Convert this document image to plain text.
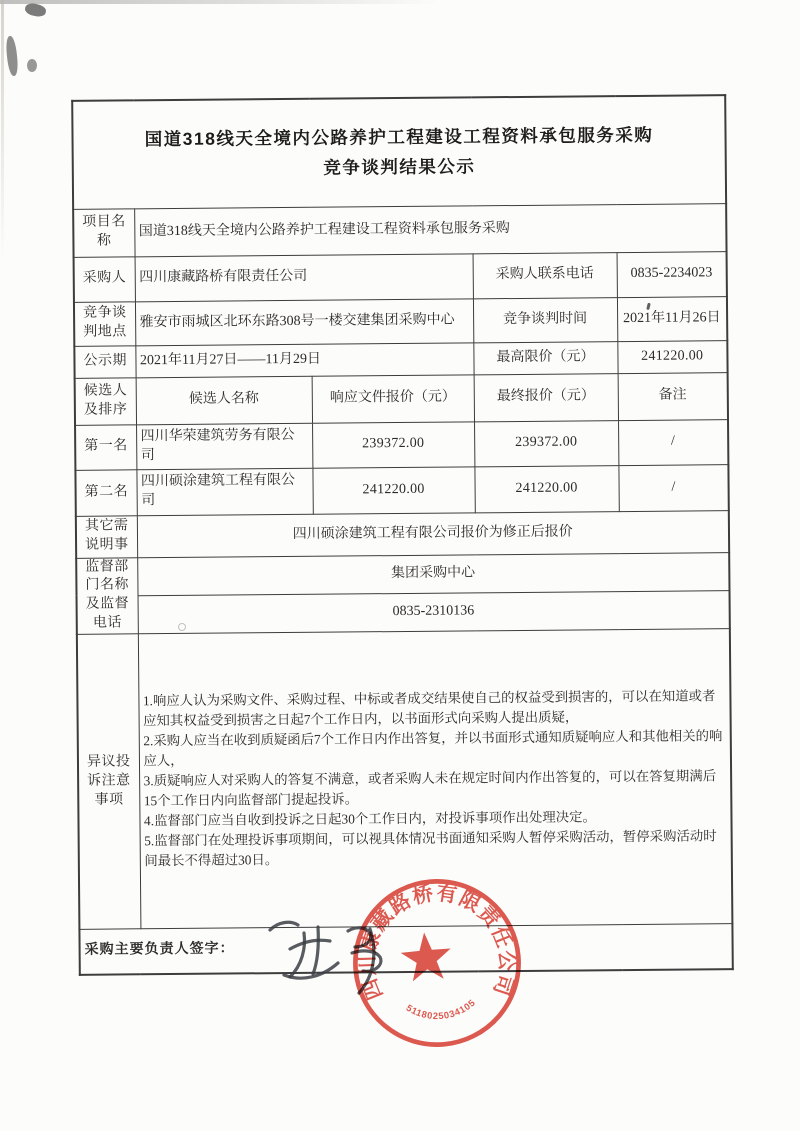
国道318线天全境内公路养护工程建设工程资料承包服务采购
竞争谈判结果公示				

项目名称	国道318线天全境内公路养护工程建设工程资料承包服务采购			
采购人	四川康藏路桥有限责任公司		采购人联系电话	0835-2234023
竞争谈判地点	雅安市雨城区北环东路308号一楼交建集团采购中心		竞争谈判时间	2021年11月26日
公示期	2021年11月27日——11月29日		最高限价（元）	241220.00
候选人及排序	候选人名称	响应文件报价（元）	最终报价（元）	备注
第一名	四川华荣建筑劳务有限公司	239372.00	239372.00	/
第二名	四川硕涂建筑工程有限公司	241220.00	241220.00	/
其它需说明事	四川硕涂建筑工程有限公司报价为修正后报价			
监督部门名称及监督电话	集团采购中心			
	0835-2310136			
异议投诉注意事项	1.响应人认为采购文件、采购过程、中标或者成交结果使自己的权益受到损害的，可以在知道或者应知其权益受到损害之日起7个工作日内，以书面形式向采购人提出质疑，
2.采购人应当在收到质疑函后7个工作日内作出答复，并以书面形式通知质疑响应人和其他相关的响应人，
3.质疑响应人对采购人的答复不满意，或者采购人未在规定时间内作出答复的，可以在答复期满后15个工作日内向监督部门提起投诉。
4.监督部门应当自收到投诉之日起30个工作日内，对投诉事项作出处理决定。
5.监督部门在处理投诉事项期间，可以视具体情况书面通知采购人暂停采购活动，暂停采购活动时间最长不得超过30日。			

采购主要负责人签字：				
四川康藏路桥有限责任公司
5118025034105
